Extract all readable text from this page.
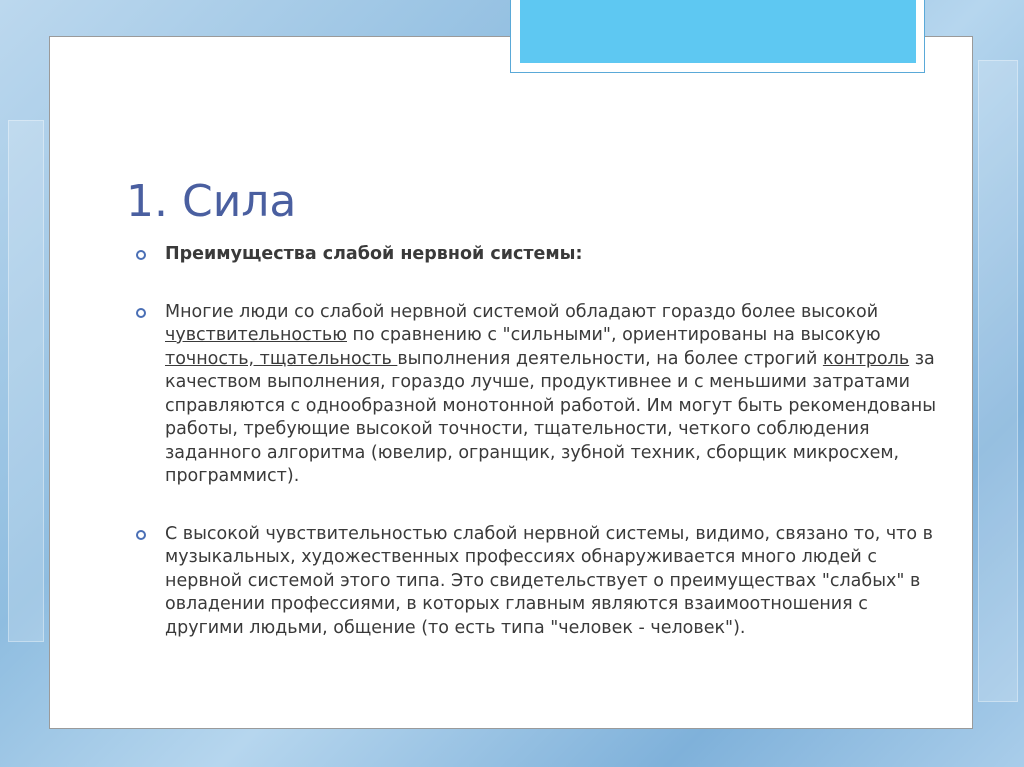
1. Сила
Преимущества слабой нервной системы:
Многие люди со слабой нервной системой обладают гораздо более высокой чувствительностью по сравнению с "сильными", ориентированы на высокую точность, тщательность выполнения деятельности, на более строгий контроль за качеством выполнения, гораздо лучше, продуктивнее и с меньшими затратами справляются с однообразной монотонной работой. Им могут быть рекомендованы работы, требующие высокой точности, тщательности, четкого соблюдения заданного алгоритма (ювелир, огранщик, зубной техник, сборщик микросхем, программист).
С высокой чувствительностью слабой нервной системы, видимо, связано то, что в музыкальных, художественных профессиях обнаруживается много людей с нервной системой этого типа. Это свидетельствует о преимуществах "слабых" в овладении профессиями, в которых главным являются взаимоотношения с другими людьми, общение (то есть типа "человек - человек").
